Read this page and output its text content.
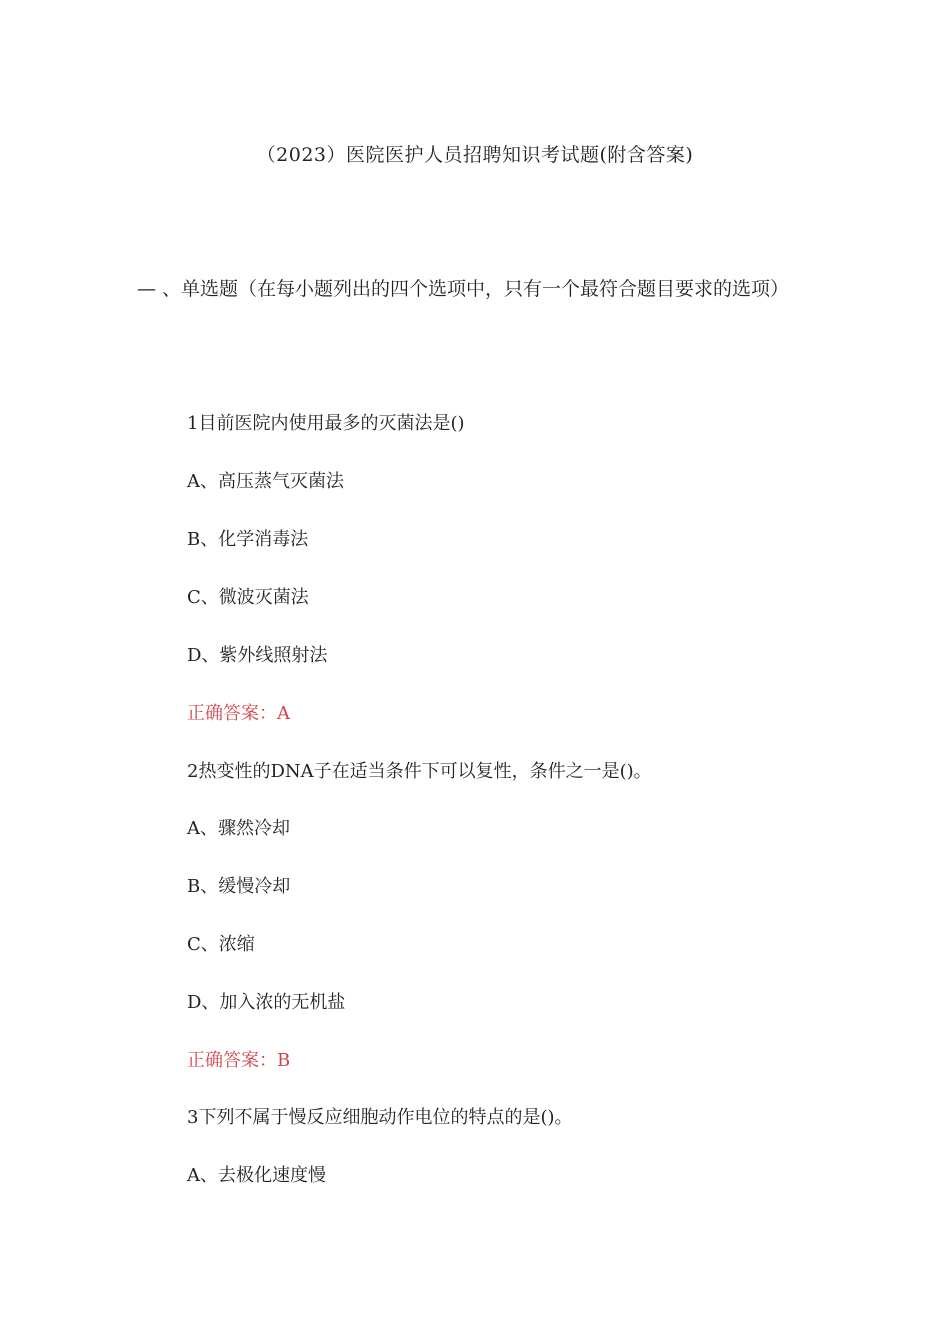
（2023）医院医护人员招聘知识考试题(附含答案)
— 、单选题（在每小题列出的四个选项中，只有一个最符合题目要求的选项）
1目前医院内使用最多的灭菌法是()
A、高压蒸气灭菌法
B、化学消毒法
C、微波灭菌法
D、紫外线照射法
正确答案：A
2热变性的DNA子在适当条件下可以复性，条件之一是()。
A、骤然冷却
B、缓慢冷却
C、浓缩
D、加入浓的无机盐
正确答案：B
3下列不属于慢反应细胞动作电位的特点的是()。
A、去极化速度慢
